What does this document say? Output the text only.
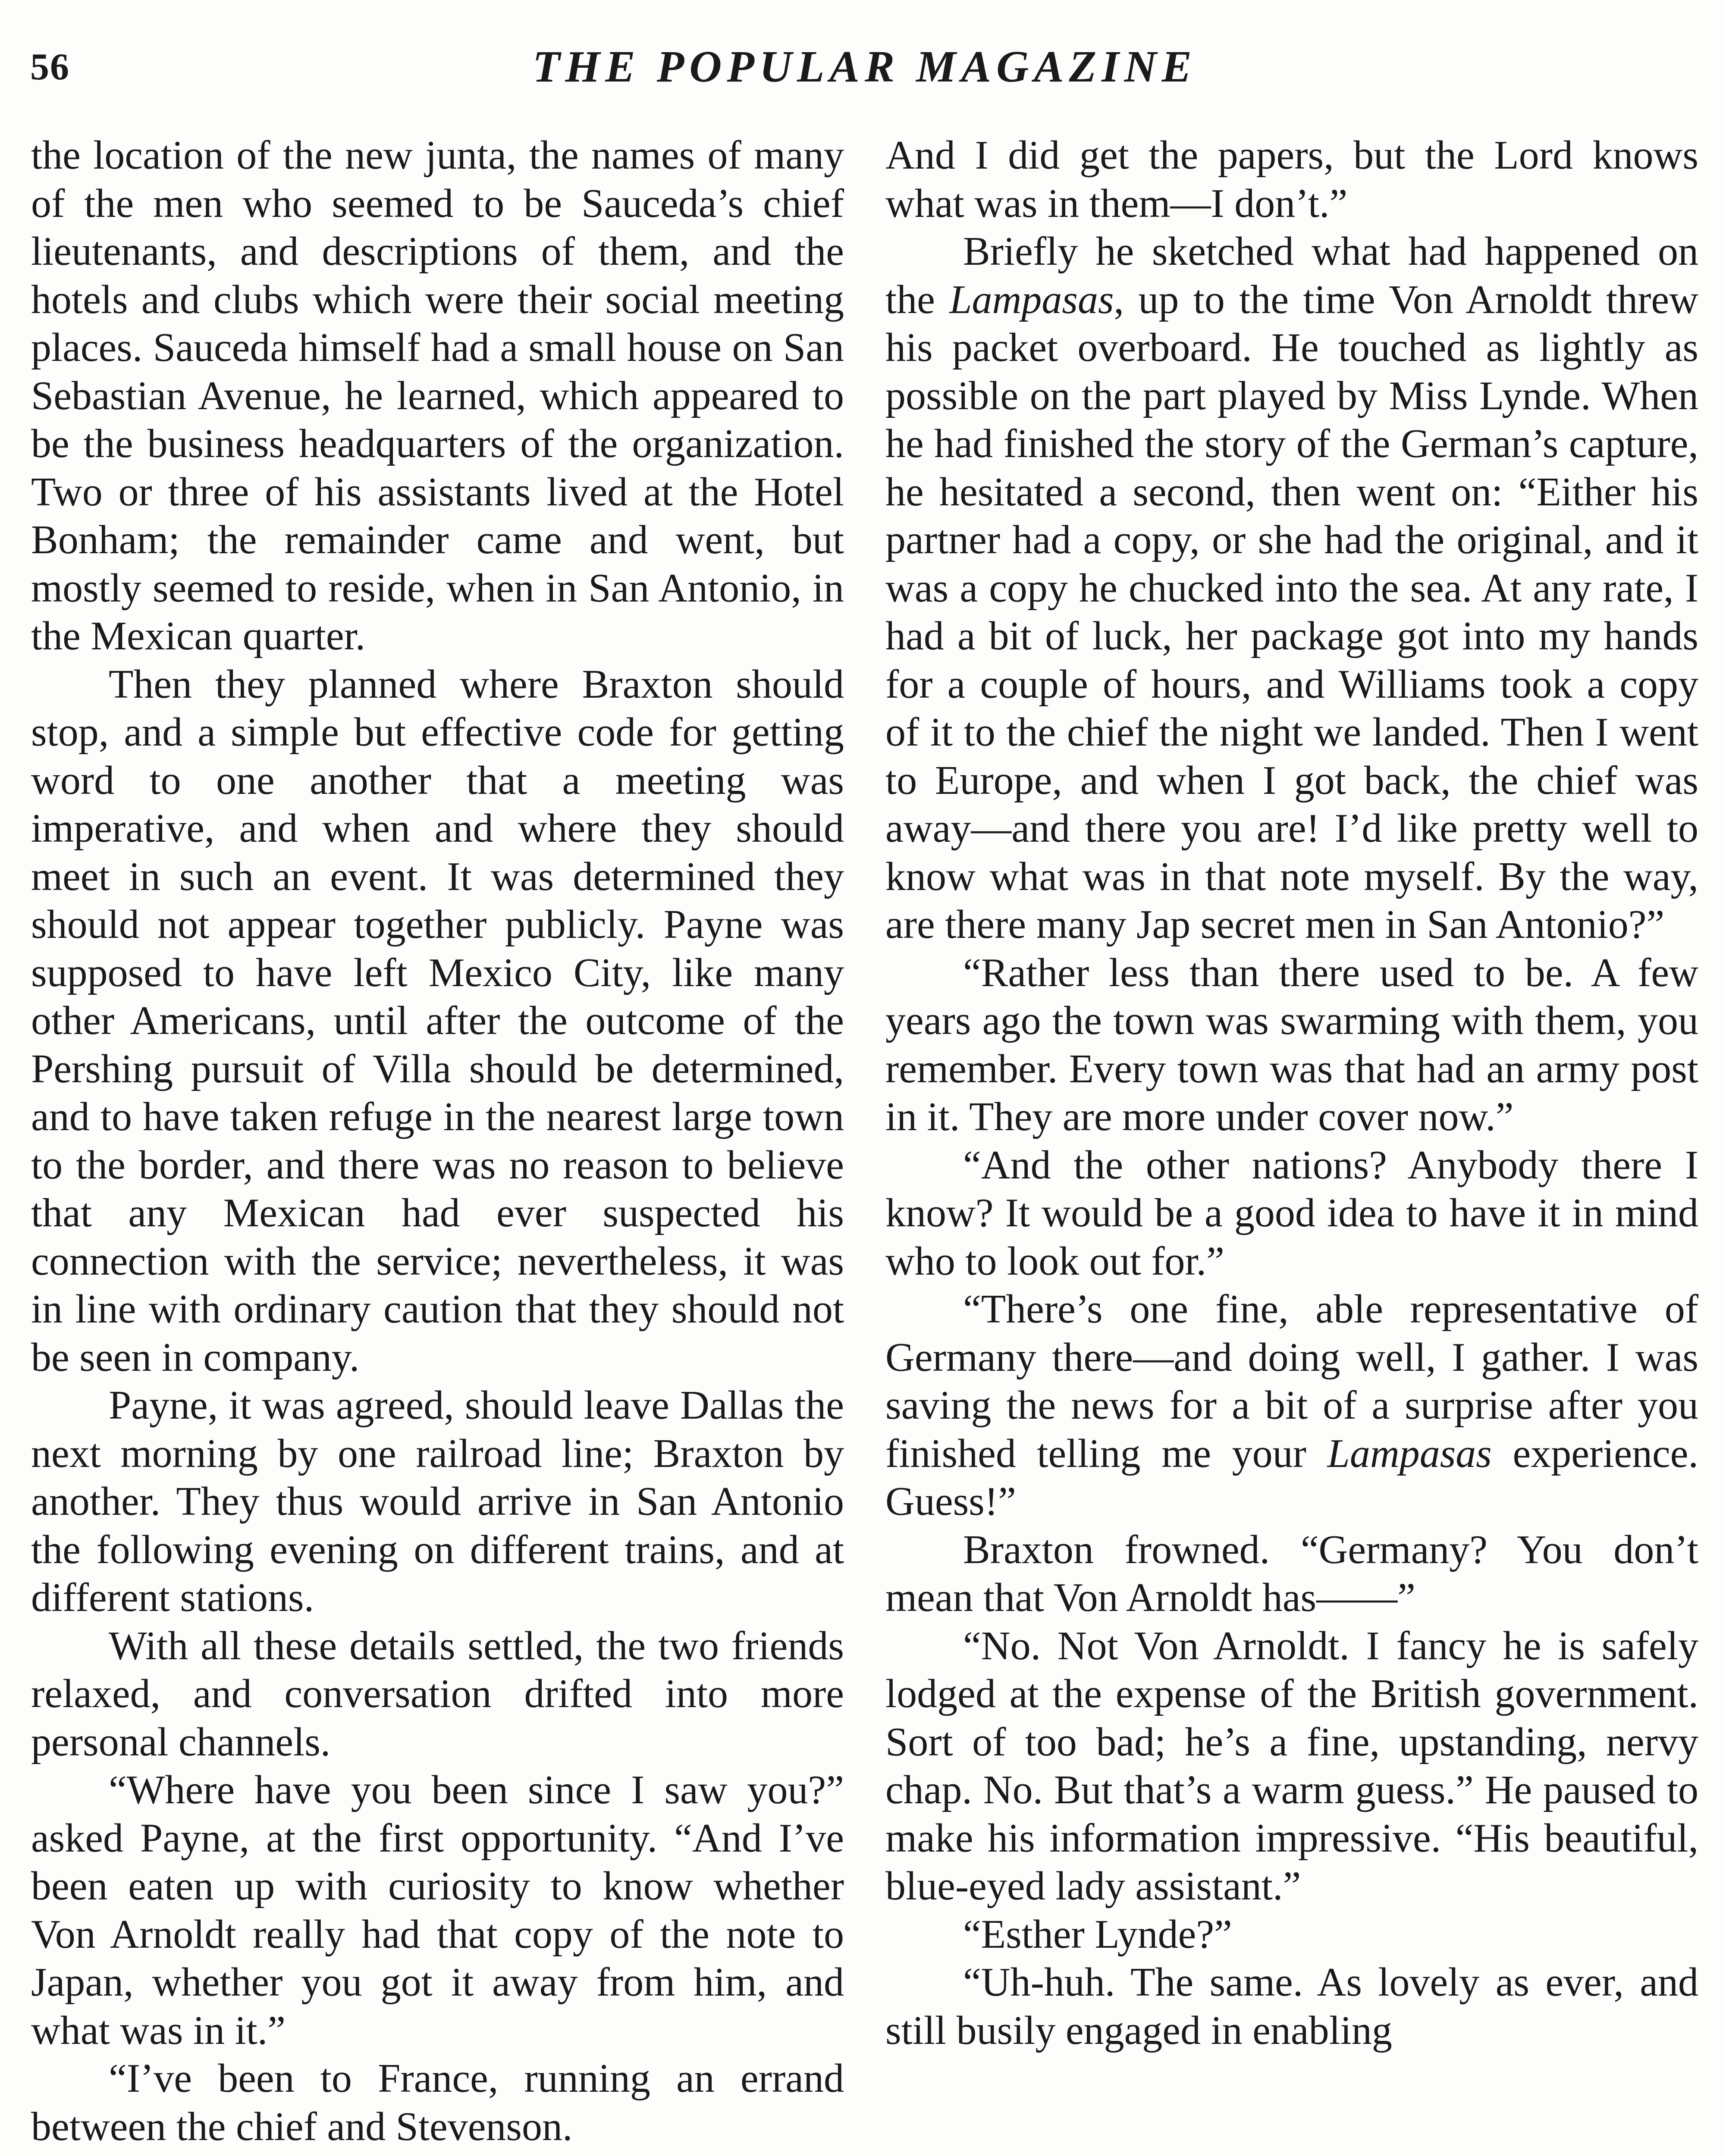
56	THE POPULAR MAGAZINE

the location of the new junta, the names of many of the men who seemed to be Sauceda’s chief lieutenants, and descriptions of them, and the hotels and clubs which were their social meeting places. Sauceda himself had a small house on San Sebastian Avenue, he learned, which appeared to be the business headquarters of the organization. Two or three of his assistants lived at the Hotel Bonham; the remainder came and went, but mostly seemed to reside, when in San Antonio, in the Mexican quarter.

Then they planned where Braxton should stop, and a simple but effective code for getting word to one another that a meeting was imperative, and when and where they should meet in such an event. It was determined they should not appear together publicly. Payne was supposed to have left Mexico City, like many other Americans, until after the outcome of the Pershing pursuit of Villa should be determined, and to have taken refuge in the nearest large town to the border, and there was no reason to believe that any Mexican had ever suspected his connection with the service; nevertheless, it was in line with ordinary caution that they should not be seen in company.

Payne, it was agreed, should leave Dallas the next morning by one railroad line; Braxton by another. They thus would arrive in San Antonio the following evening on different trains, and at different stations.

With all these details settled, the two friends relaxed, and conversation drifted into more personal channels.

“Where have you been since I saw you?” asked Payne, at the first opportunity. “And I’ve been eaten up with curiosity to know whether Von Arnoldt really had that copy of the note to Japan, whether you got it away from him, and what was in it.”

“I’ve been to France, running an errand between the chief and Stevenson.

And I did get the papers, but the Lord knows what was in them—I don’t.”

Briefly he sketched what had happened on the Lampasas, up to the time Von Arnoldt threw his packet overboard. He touched as lightly as possible on the part played by Miss Lynde. When he had finished the story of the German’s capture, he hesitated a second, then went on: “Either his partner had a copy, or she had the original, and it was a copy he chucked into the sea. At any rate, I had a bit of luck, her package got into my hands for a couple of hours, and Williams took a copy of it to the chief the night we landed. Then I went to Europe, and when I got back, the chief was away—and there you are! I’d like pretty well to know what was in that note myself. By the way, are there many Jap secret men in San Antonio?”

“Rather less than there used to be. A few years ago the town was swarming with them, you remember. Every town was that had an army post in it. They are more under cover now.”

“And the other nations? Anybody there I know? It would be a good idea to have it in mind who to look out for.”

“There’s one fine, able representative of Germany there—and doing well, I gather. I was saving the news for a bit of a surprise after you finished telling me your Lampasas experience. Guess!”

Braxton frowned. “Germany? You don’t mean that Von Arnoldt has——”

“No. Not Von Arnoldt. I fancy he is safely lodged at the expense of the British government. Sort of too bad; he’s a fine, upstanding, nervy chap. No. But that’s a warm guess.” He paused to make his information impressive. “His beautiful, blue-eyed lady assistant.”

“Esther Lynde?”

“Uh-huh. The same. As lovely as ever, and still busily engaged in enabling
